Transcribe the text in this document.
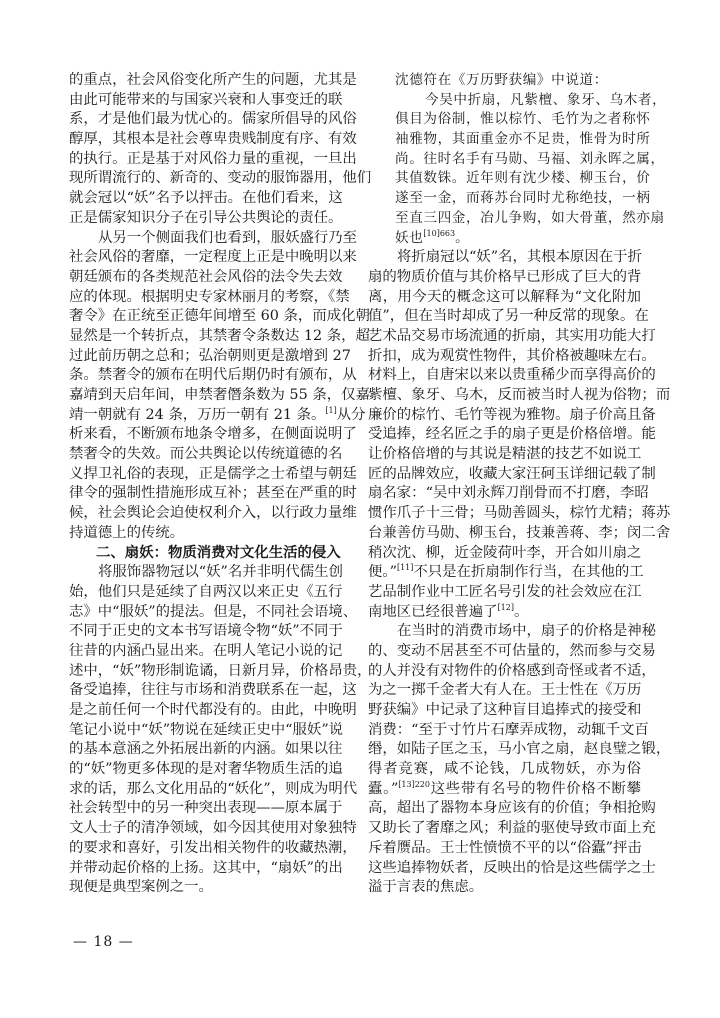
的重点，社会风俗变化所产生的问题，尤其是
由此可能带来的与国家兴衰和人事变迁的联
系，才是他们最为忧心的。儒家所倡导的风俗
醇厚，其根本是社会尊卑贵贱制度有序、有效
的执行。正是基于对风俗力量的重视，一旦出
现所谓流行的、新奇的、变动的服饰器用，他们
就会冠以“妖”名予以抨击。在他们看来，这
正是儒家知识分子在引导公共舆论的责任。
从另一个侧面我们也看到，服妖盛行乃至
社会风俗的奢靡，一定程度上正是中晚明以来
朝廷颁布的各类规范社会风俗的法令失去效
应的体现。根据明史专家林丽月的考察，《禁
奢令》在正统至正德年间增至 60 条，而成化朝
显然是一个转折点，其禁奢令条数达 12 条，超
过此前历朝之总和；弘治朝则更是激增到 27
条。禁奢令的颁布在明代后期仍时有颁布，从
嘉靖到天启年间，申禁奢僭条数为 55 条，仅嘉
靖一朝就有 24 条，万历一朝有 21 条。[1]从分
析来看，不断颁布地条令增多，在侧面说明了
禁奢令的失效。而公共舆论以传统道德的名
义捍卫礼俗的表现，正是儒学之士希望与朝廷
律令的强制性措施形成互补；甚至在严重的时
候，社会舆论会迫使权利介入，以行政力量维
持道德上的传统。
二、扇妖：物质消费对文化生活的侵入
将服饰器物冠以“妖”名并非明代儒生创
始，他们只是延续了自两汉以来正史《五行
志》中“服妖”的提法。但是，不同社会语境、
不同于正史的文本书写语境令物“妖”不同于
往昔的内涵凸显出来。在明人笔记小说的记
述中，“妖”物形制诡谲，日新月异，价格昂贵，
备受追捧，往往与市场和消费联系在一起，这
是之前任何一个时代都没有的。由此，中晚明
笔记小说中“妖”物说在延续正史中“服妖”说
的基本意涵之外拓展出新的内涵。如果以往
的“妖”物更多体现的是对奢华物质生活的追
求的话，那么文化用品的“妖化”，则成为明代
社会转型中的另一种突出表现——原本属于
文人士子的清净领域，如今因其使用对象独特
的要求和喜好，引发出相关物件的收藏热潮，
并带动起价格的上扬。这其中，“扇妖”的出
现便是典型案例之一。
沈德符在《万历野获编》中说道：
今吴中折扇，凡紫檀、象牙、乌木者，
俱目为俗制，惟以棕竹、毛竹为之者称怀
袖雅物，其面重金亦不足贵，惟骨为时所
尚。往时名手有马勋、马福、刘永晖之属，
其值数铢。近年则有沈少楼、柳玉台，价
遂至一金，而蒋苏台同时尤称绝技，一柄
至直三四金，冶儿争购，如大骨董，然亦扇
妖也$^{[10]663}$。
将折扇冠以“妖”名，其根本原因在于折
扇的物质价值与其价格早已形成了巨大的背
离，用今天的概念这可以解释为“文化附加
值”，但在当时却成了另一种反常的现象。在
艺术品交易市场流通的折扇，其实用功能大打
折扣，成为观赏性物件，其价格被趣味左右。
材料上，自唐宋以来以贵重稀少而享得高价的
紫檀、象牙、乌木，反而被当时人视为俗物；而
廉价的棕竹、毛竹等视为雅物。扇子价高且备
受追捧，经名匠之手的扇子更是价格倍增。能
让价格倍增的与其说是精湛的技艺不如说工
匠的品牌效应，收藏大家汪砢玉详细记载了制
扇名家：“吴中刘永辉刀削骨而不打磨，李昭
惯作爪子十三骨；马勋善圆头，棕竹尤精；蒋苏
台兼善仿马勋、柳玉台，技兼善蒋、李；闵二舍
稍次沈、柳，近金陵荷叶李，开合如川扇之
便。”[11]不只是在折扇制作行当，在其他的工
艺品制作业中工匠名号引发的社会效应在江
南地区已经很普遍了[12]。
在当时的消费市场中，扇子的价格是神秘
的、变动不居甚至不可估量的，然而参与交易
的人并没有对物件的价格感到奇怪或者不适，
为之一掷千金者大有人在。王士性在《万历
野获编》中记录了这种盲目追捧式的接受和
消费：“至于寸竹片石摩弄成物，动辄千文百
缗，如陆子匡之玉，马小官之扇，赵良璧之锻，
得者竞赛，咸不论钱，几成物妖，亦为俗
蠹。”$^{[13]220}$这些带有名号的物件价格不断攀
高，超出了器物本身应该有的价值；争相抢购
又助长了奢靡之风；利益的驱使导致市面上充
斥着赝品。王士性愤愤不平的以“俗蠹”抨击
这些追捧物妖者，反映出的恰是这些儒学之士
溢于言表的焦虑。
— 18 —
